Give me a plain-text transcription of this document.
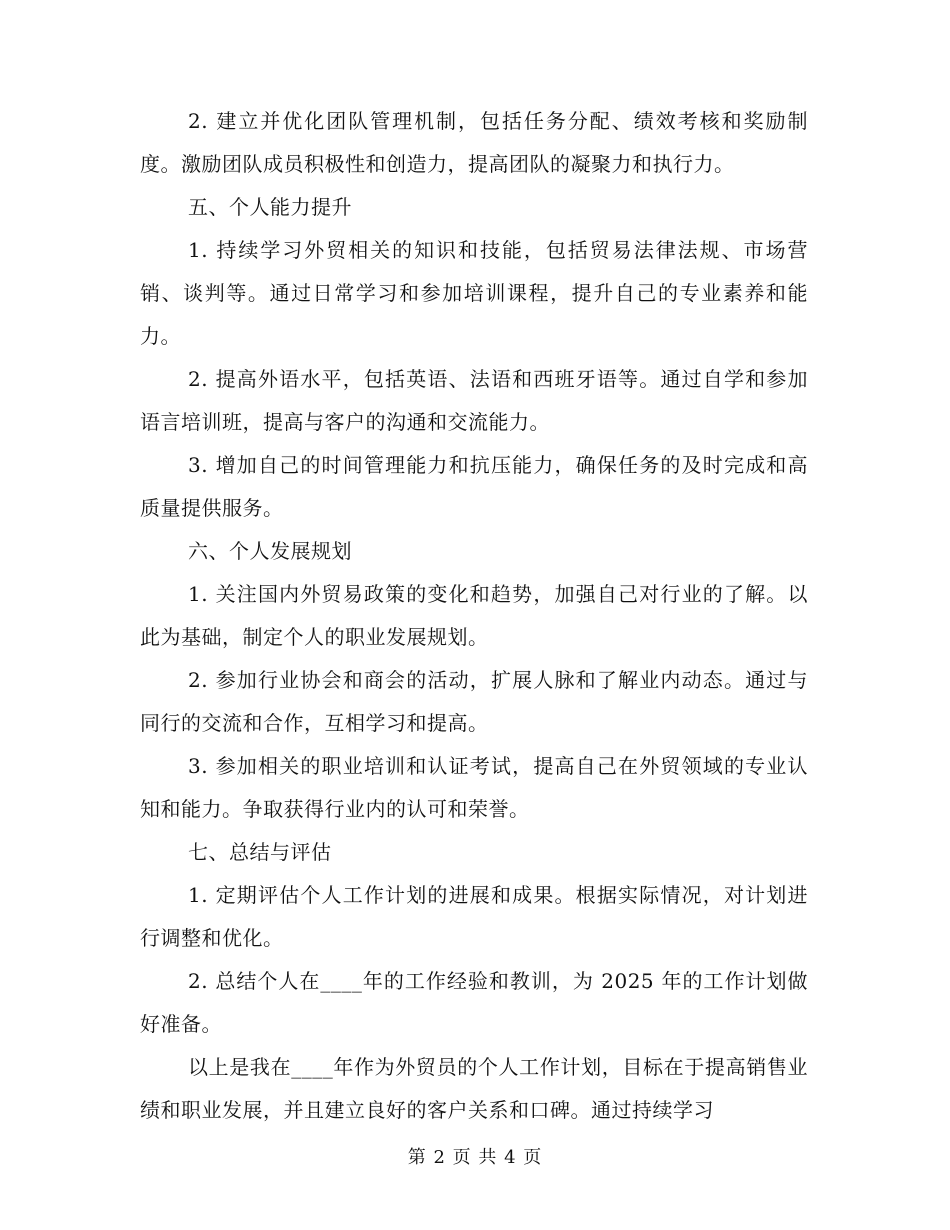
2. 建立并优化团队管理机制，包括任务分配、绩效考核和奖励制度。激励团队成员积极性和创造力，提高团队的凝聚力和执行力。

五、个人能力提升

1. 持续学习外贸相关的知识和技能，包括贸易法律法规、市场营销、谈判等。通过日常学习和参加培训课程，提升自己的专业素养和能力。

2. 提高外语水平，包括英语、法语和西班牙语等。通过自学和参加语言培训班，提高与客户的沟通和交流能力。

3. 增加自己的时间管理能力和抗压能力，确保任务的及时完成和高质量提供服务。

六、个人发展规划

1. 关注国内外贸易政策的变化和趋势，加强自己对行业的了解。以此为基础，制定个人的职业发展规划。

2. 参加行业协会和商会的活动，扩展人脉和了解业内动态。通过与同行的交流和合作，互相学习和提高。

3. 参加相关的职业培训和认证考试，提高自己在外贸领域的专业认知和能力。争取获得行业内的认可和荣誉。

七、总结与评估

1. 定期评估个人工作计划的进展和成果。根据实际情况，对计划进行调整和优化。

2. 总结个人在____年的工作经验和教训，为 2025 年的工作计划做好准备。

以上是我在____年作为外贸员的个人工作计划，目标在于提高销售业绩和职业发展，并且建立良好的客户关系和口碑。通过持续学习

第 2 页 共 4 页
